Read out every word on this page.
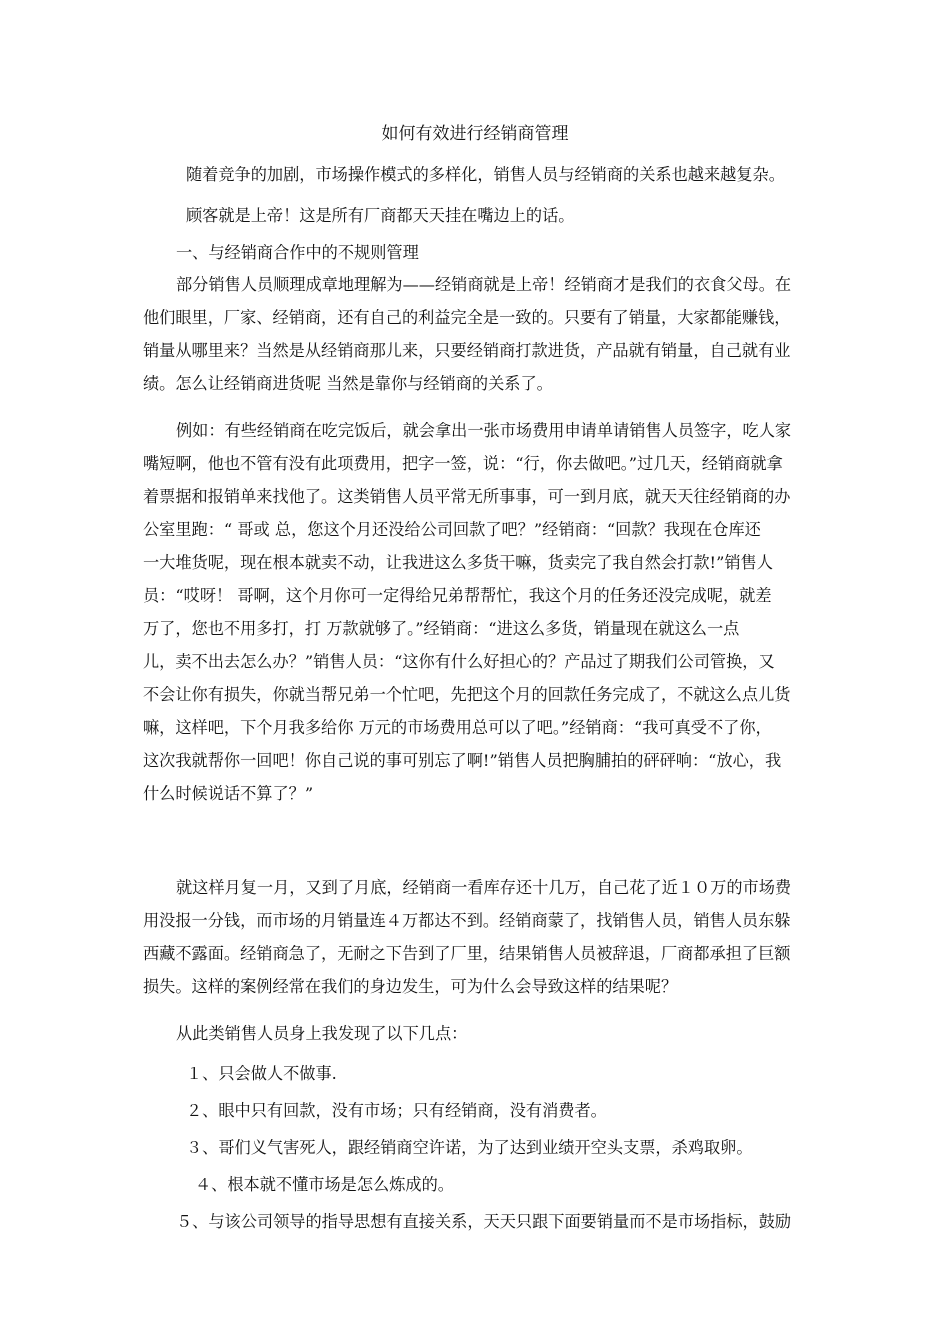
如何有效进行经销商管理

随着竞争的加剧，市场操作模式的多样化，销售人员与经销商的关系也越来越复杂。

顾客就是上帝！这是所有厂商都天天挂在嘴边上的话。

一、与经销商合作中的不规则管理

部分销售人员顺理成章地理解为——经销商就是上帝！经销商才是我们的衣食父母。在
他们眼里，厂家、经销商，还有自己的利益完全是一致的。只要有了销量，大家都能赚钱，
销量从哪里来？当然是从经销商那儿来，只要经销商打款进货，产品就有销量，自己就有业
绩。怎么让经销商进货呢 当然是靠你与经销商的关系了。

例如：有些经销商在吃完饭后，就会拿出一张市场费用申请单请销售人员签字，吃人家
嘴短啊，他也不管有没有此项费用，把字一签，说：“行，你去做吧。”过几天，经销商就拿
着票据和报销单来找他了。这类销售人员平常无所事事，可一到月底，就天天往经销商的办
公室里跑：“ 哥或 总，您这个月还没给公司回款了吧？”经销商：“回款？我现在仓库还
一大堆货呢，现在根本就卖不动，让我进这么多货干嘛，货卖完了我自然会打款!”销售人
员：“哎呀！ 哥啊，这个月你可一定得给兄弟帮帮忙，我这个月的任务还没完成呢，就差
万了，您也不用多打，打 万款就够了。”经销商：“进这么多货，销量现在就这么一点
儿，卖不出去怎么办？”销售人员：“这你有什么好担心的？产品过了期我们公司管换，又
不会让你有损失，你就当帮兄弟一个忙吧，先把这个月的回款任务完成了，不就这么点儿货
嘛，这样吧，下个月我多给你 万元的市场费用总可以了吧。”经销商：“我可真受不了你，
这次我就帮你一回吧！你自己说的事可别忘了啊!”销售人员把胸脯拍的砰砰响：“放心，我
什么时候说话不算了？”

就这样月复一月，又到了月底，经销商一看库存还十几万，自己花了近１０万的市场费
用没报一分钱，而市场的月销量连４万都达不到。经销商蒙了，找销售人员，销售人员东躲
西藏不露面。经销商急了，无耐之下告到了厂里，结果销售人员被辞退，厂商都承担了巨额
损失。这样的案例经常在我们的身边发生，可为什么会导致这样的结果呢？

从此类销售人员身上我发现了以下几点：

１、只会做人不做事.

２、眼中只有回款，没有市场；只有经销商，没有消费者。

３、哥们义气害死人，跟经销商空许诺，为了达到业绩开空头支票，杀鸡取卵。

４、根本就不懂市场是怎么炼成的。

５、与该公司领导的指导思想有直接关系，天天只跟下面要销量而不是市场指标，鼓励
